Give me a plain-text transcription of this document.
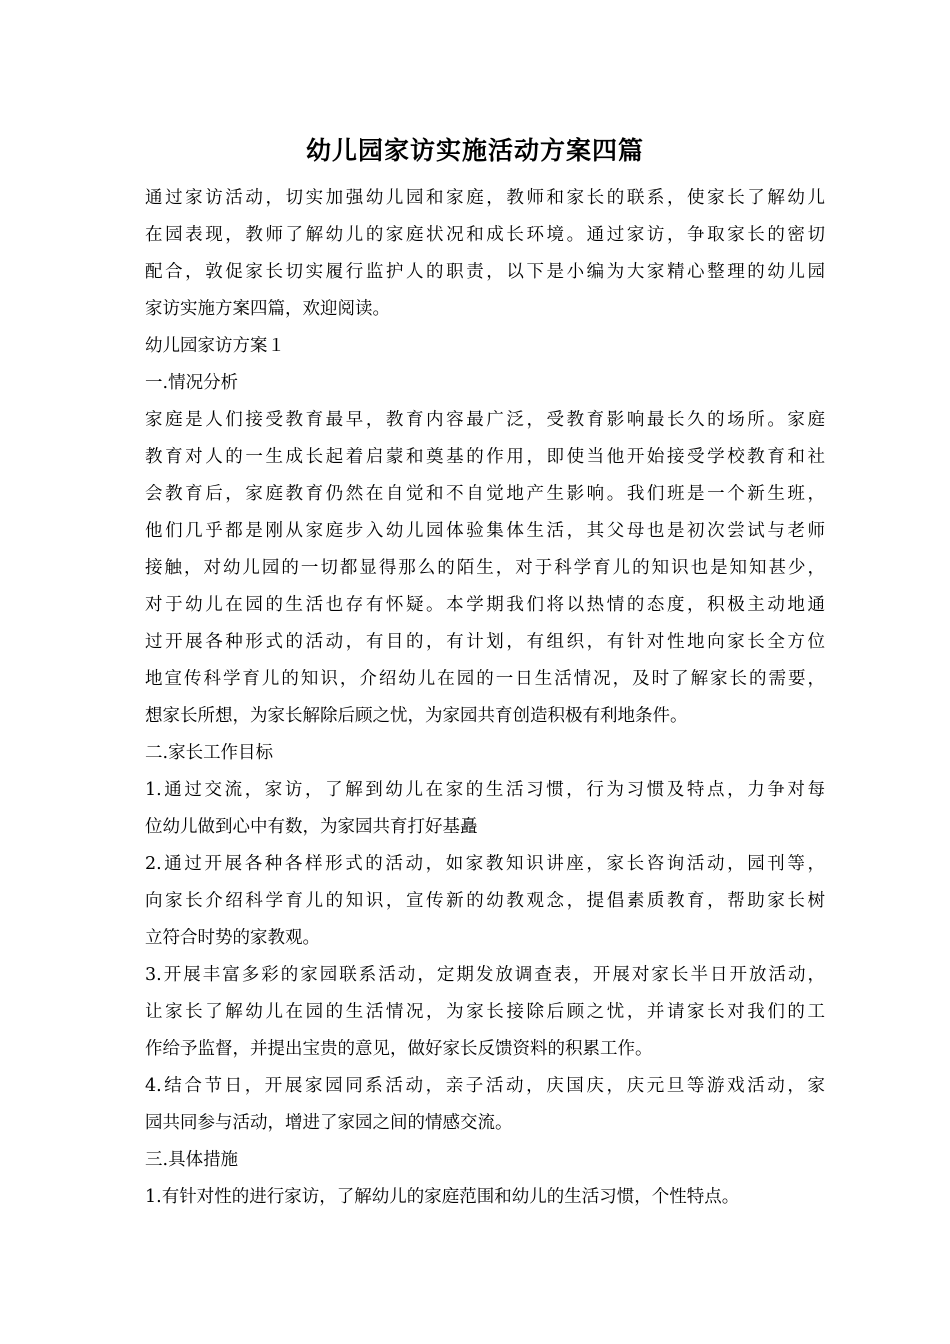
幼儿园家访实施活动方案四篇
通过家访活动，切实加强幼儿园和家庭，教师和家长的联系，使家长了解幼儿
在园表现，教师了解幼儿的家庭状况和成长环境。通过家访，争取家长的密切
配合，敦促家长切实履行监护人的职责，以下是小编为大家精心整理的幼儿园
家访实施方案四篇，欢迎阅读。
幼儿园家访方案１
一.情况分析
家庭是人们接受教育最早，教育内容最广泛，受教育影响最长久的场所。家庭
教育对人的一生成长起着启蒙和奠基的作用，即使当他开始接受学校教育和社
会教育后，家庭教育仍然在自觉和不自觉地产生影响。我们班是一个新生班，
他们几乎都是刚从家庭步入幼儿园体验集体生活，其父母也是初次尝试与老师
接触，对幼儿园的一切都显得那么的陌生，对于科学育儿的知识也是知知甚少，
对于幼儿在园的生活也存有怀疑。本学期我们将以热情的态度，积极主动地通
过开展各种形式的活动，有目的，有计划，有组织，有针对性地向家长全方位
地宣传科学育儿的知识，介绍幼儿在园的一日生活情况，及时了解家长的需要，
想家长所想，为家长解除后顾之忧，为家园共育创造积极有利地条件。
二.家长工作目标
1.通过交流，家访，了解到幼儿在家的生活习惯，行为习惯及特点，力争对每
位幼儿做到心中有数，为家园共育打好基矗
2.通过开展各种各样形式的活动，如家教知识讲座，家长咨询活动，园刊等，
向家长介绍科学育儿的知识，宣传新的幼教观念，提倡素质教育，帮助家长树
立符合时势的家教观。
3.开展丰富多彩的家园联系活动，定期发放调查表，开展对家长半日开放活动，
让家长了解幼儿在园的生活情况，为家长接除后顾之忧，并请家长对我们的工
作给予监督，并提出宝贵的意见，做好家长反馈资料的积累工作。
4.结合节日，开展家园同系活动，亲子活动，庆国庆，庆元旦等游戏活动，家
园共同参与活动，增进了家园之间的情感交流。
三.具体措施
1.有针对性的进行家访，了解幼儿的家庭范围和幼儿的生活习惯，个性特点。
